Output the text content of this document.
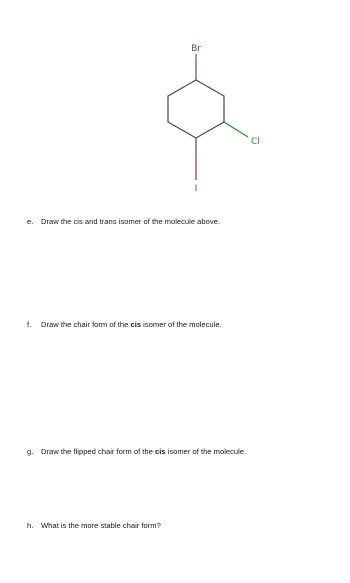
Br
Cl
I
e. Draw the cis and trans isomer of the molecule above.
f. Draw the chair form of the cis isomer of the molecule.
g. Draw the flipped chair form of the cis isomer of the molecule.
h. What is the more stable chair form?
